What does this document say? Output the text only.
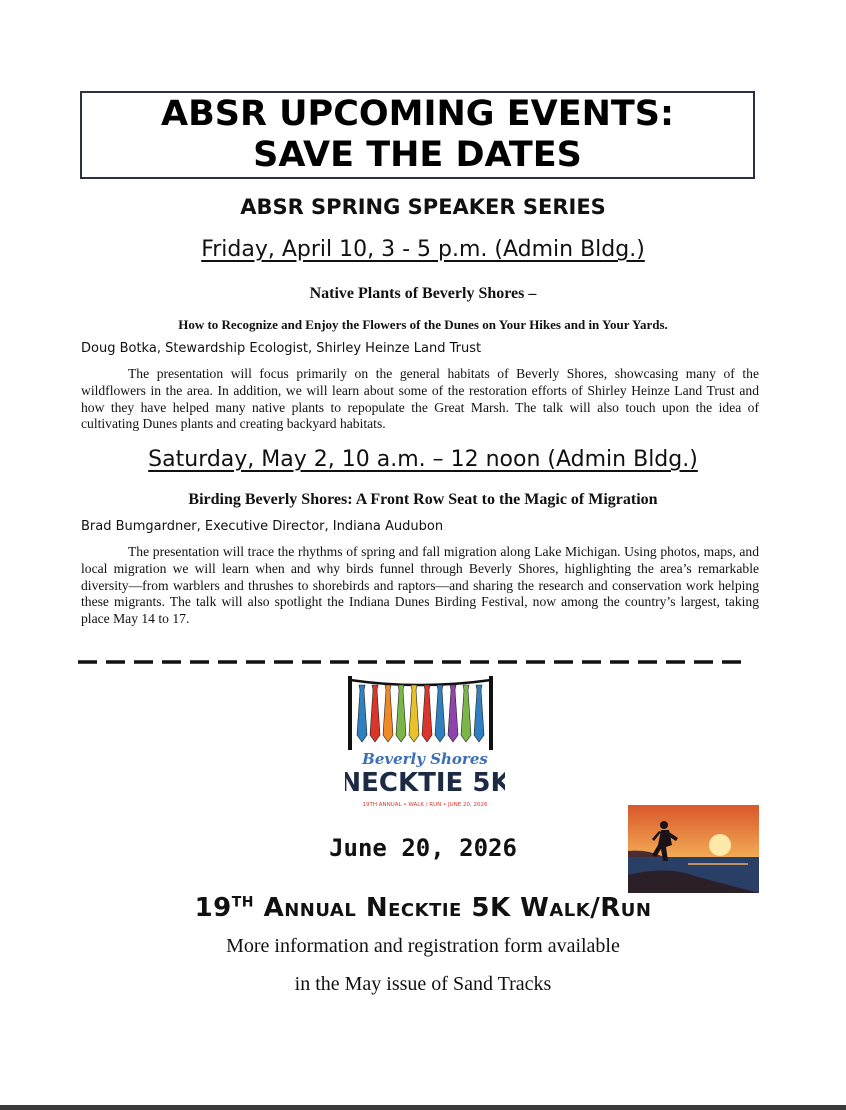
ABSR UPCOMING EVENTS:
SAVE THE DATES
ABSR SPRING SPEAKER SERIES
Friday, April 10, 3 - 5 p.m. (Admin Bldg.)
Native Plants of Beverly Shores –
How to Recognize and Enjoy the Flowers of the Dunes on Your Hikes and in Your Yards.
Doug Botka, Stewardship Ecologist, Shirley Heinze Land Trust
The presentation will focus primarily on the general habitats of Beverly Shores, showcasing many of the wildflowers in the area. In addition, we will learn about some of the restoration efforts of Shirley Heinze Land Trust and how they have helped many native plants to repopulate the Great Marsh. The talk will also touch upon the idea of cultivating Dunes plants and creating backyard habitats.
Saturday, May 2, 10 a.m. – 12 noon (Admin Bldg.)
Birding Beverly Shores: A Front Row Seat to the Magic of Migration
Brad Bumgardner, Executive Director, Indiana Audubon
The presentation will trace the rhythms of spring and fall migration along Lake Michigan. Using photos, maps, and local migration we will learn when and why birds funnel through Beverly Shores, highlighting the area’s remarkable diversity—from warblers and thrushes to shorebirds and raptors—and sharing the research and conservation work helping these migrants. The talk will also spotlight the Indiana Dunes Birding Festival, now among the country’s largest, taking place May 14 to 17.
Beverly Shores
NECKTIE 5K
19TH ANNUAL • WALK / RUN • JUNE 20, 2026
June 20, 2026
19TH Annual Necktie 5K Walk/Run
More information and registration form available
in the May issue of Sand Tracks
